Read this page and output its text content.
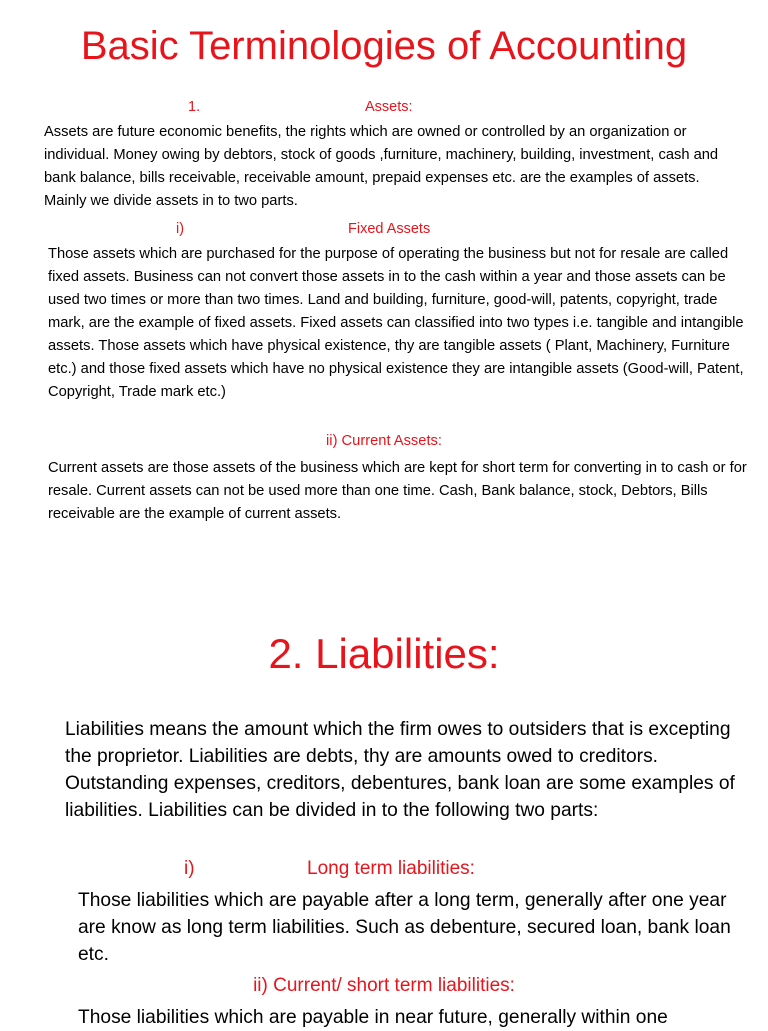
Basic Terminologies of Accounting
1.	Assets:

Assets are future economic benefits, the rights which are owned or controlled by an organization or individual. Money owing by debtors, stock of goods ,furniture, machinery, building, investment, cash and bank balance, bills receivable, receivable amount, prepaid expenses etc. are the examples of assets. Mainly we divide assets in to two parts.

i)	Fixed Assets

Those assets which are purchased for the purpose of operating the business but not for resale are called fixed assets. Business can not convert those assets in to the cash within a year and those assets can be used two times or more than two times. Land and building, furniture, good-will, patents, copyright, trade mark, are the example of fixed assets. Fixed assets can classified into two types i.e. tangible and intangible assets. Those assets which have physical existence, thy are tangible assets ( Plant, Machinery, Furniture etc.) and those fixed assets which have no physical existence they are intangible assets (Good-will, Patent, Copyright, Trade mark etc.)

ii) Current Assets:

Current assets are those assets of the business which are kept for short term for converting in to cash or for resale. Current assets can not be used more than one time. Cash, Bank balance, stock, Debtors, Bills receivable are the example of current assets.

2. Liabilities:

Liabilities means the amount which the firm owes to outsiders that is excepting the proprietor. Liabilities are debts, thy are amounts owed to creditors. Outstanding expenses, creditors, debentures, bank loan are some examples of liabilities. Liabilities can be divided in to the following two parts:

i)	Long term liabilities:

Those liabilities which are payable after a long term, generally after one year are know as long term liabilities. Such as debenture, secured loan, bank loan etc.

ii) Current/ short term liabilities:

Those liabilities which are payable in near future, generally within one
